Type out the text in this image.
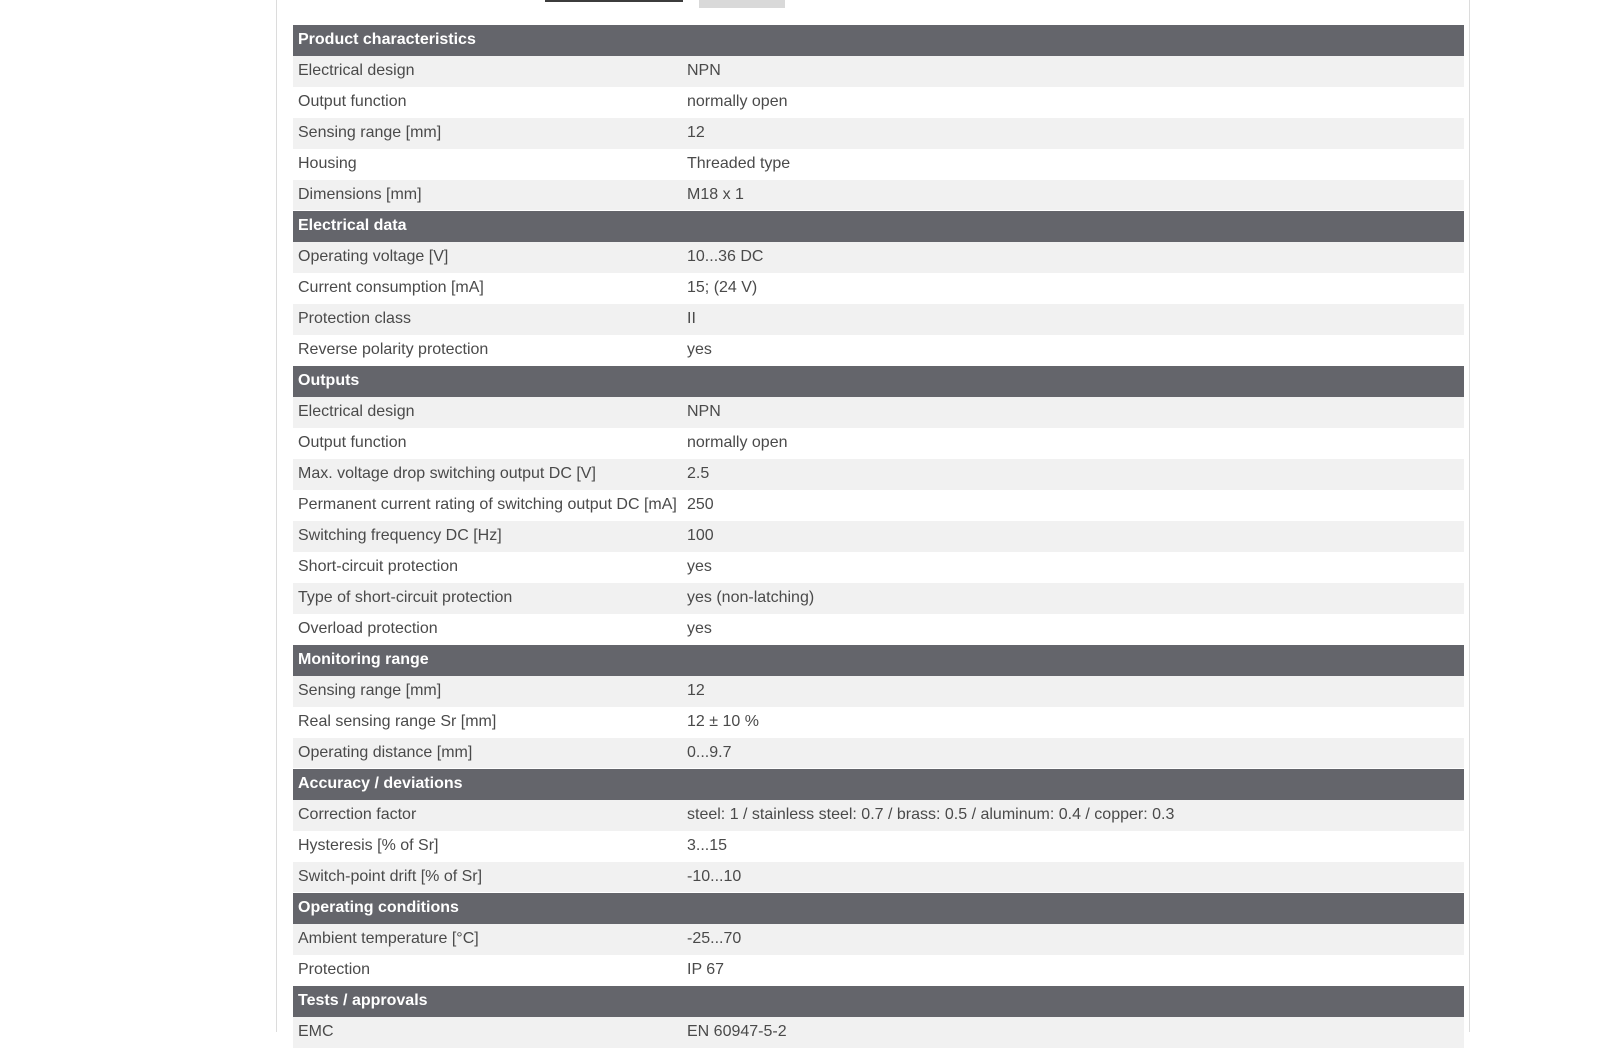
Product characteristics	
Electrical design	NPN
Output function	normally open
Sensing range [mm]	12
Housing	Threaded type
Dimensions [mm]	M18 x 1
Electrical data	
Operating voltage [V]	10...36 DC
Current consumption [mA]	15; (24 V)
Protection class	II
Reverse polarity protection	yes
Outputs	
Electrical design	NPN
Output function	normally open
Max. voltage drop switching output DC [V]	2.5
Permanent current rating of switching output DC [mA]	250
Switching frequency DC [Hz]	100
Short-circuit protection	yes
Type of short-circuit protection	yes (non-latching)
Overload protection	yes
Monitoring range	
Sensing range [mm]	12
Real sensing range Sr [mm]	12 ± 10 %
Operating distance [mm]	0...9.7
Accuracy / deviations	
Correction factor	steel: 1 / stainless steel: 0.7 / brass: 0.5 / aluminum: 0.4 / copper: 0.3
Hysteresis [% of Sr]	3...15
Switch-point drift [% of Sr]	-10...10
Operating conditions	
Ambient temperature [°C]	-25...70
Protection	IP 67
Tests / approvals	
EMC	EN 60947-5-2
